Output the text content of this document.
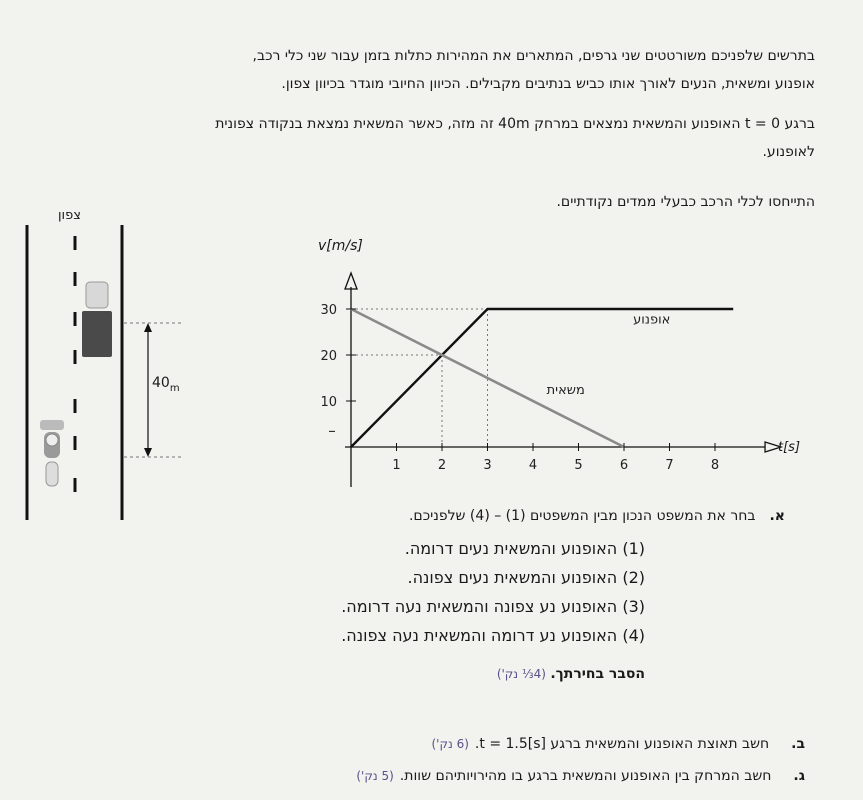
בתרשים שלפניכם משורטטים שני גרפים, המתארים את המהירות כתלות בזמן עבור שני כלי רכב,

אופנוע ומשאית, הנעים לאורך אותו כביש בנתיבים מקבילים. הכיוון החיובי מוגדר בכיוון צפון.

ברגע t = 0 האופנוע והמשאית נמצאים במרחק 40m זה מזה, כאשר המשאית נמצאת בנקודה צפונית

לאופנוע.

התייחסו לכלי הרכב כבעלי ממדים נקודתיים.

צפון
$40_m$
אופנוע
משאית
1	2	3	4	5	6	7	8
10
20
30
v[m/s]
t[s]
א.
בחר את המשפט הנכון מבין המשפטים (1) – (4) שלפניכם.
(1) האופנוע והמשאית נעים דרומה.
(2) האופנוע והמשאית נעים צפונה.
(3) האופנוע נע צפונה והמשאית נעה דרומה.
(4) האופנוע נע דרומה והמשאית נעה צפונה.
הסבר בחירתך. (4⅓ נק')
ב.
חשב תאוצת האופנוע והמשאית ברגע t = 1.5[s].
(6 נק')
ג.
חשב המרחק בין האופנוע והמשאית ברגע בו מהירויותיהם שוות.
(5 נק')
